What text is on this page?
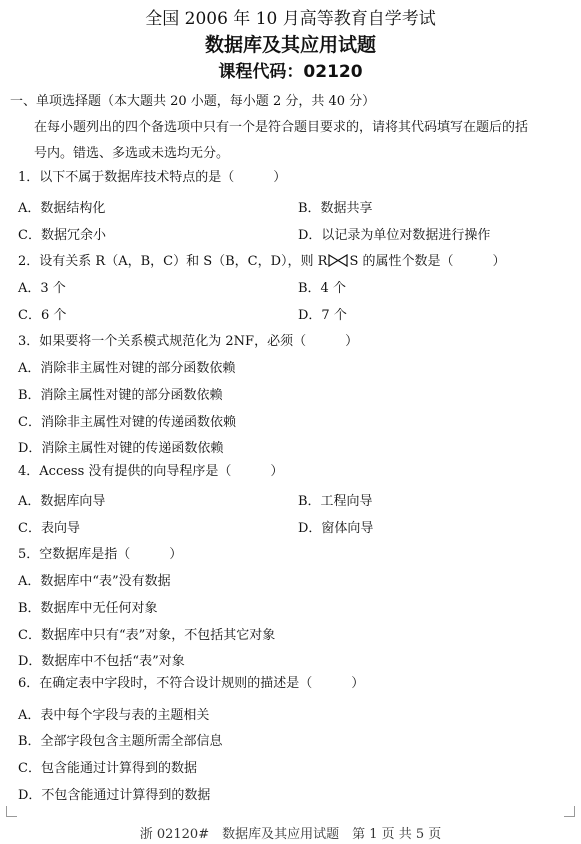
全国 2006 年 10 月高等教育自学考试
数据库及其应用试题
课程代码：02120
一、单项选择题（本大题共 20 小题，每小题 2 分，共 40 分）
在每小题列出的四个备选项中只有一个是符合题目要求的，请将其代码填写在题后的括
号内。错选、多选或未选均无分。
1．以下不属于数据库技术特点的是（　　　）
A．数据结构化	B．数据共享
C．数据冗余小	D．以记录为单位对数据进行操作
2．设有关系 R（A，B，C）和 S（B，C，D），则 R S 的属性个数是（　　　）
A．3 个	B．4 个
C．6 个	D．7 个
3．如果要将一个关系模式规范化为 2NF，必须（　　　）
A．消除非主属性对键的部分函数依赖
B．消除主属性对键的部分函数依赖
C．消除非主属性对键的传递函数依赖
D．消除主属性对键的传递函数依赖
4．Access 没有提供的向导程序是（　　　）
A．数据库向导	B．工程向导
C．表向导	D．窗体向导
5．空数据库是指（　　　）
A．数据库中“表”没有数据
B．数据库中无任何对象
C．数据库中只有“表”对象，不包括其它对象
D．数据库中不包括“表”对象
6．在确定表中字段时，不符合设计规则的描述是（　　　）
A．表中每个字段与表的主题相关
B．全部字段包含主题所需全部信息
C．包含能通过计算得到的数据
D．不包含能通过计算得到的数据
浙 02120#　数据库及其应用试题　第 1 页 共 5 页
